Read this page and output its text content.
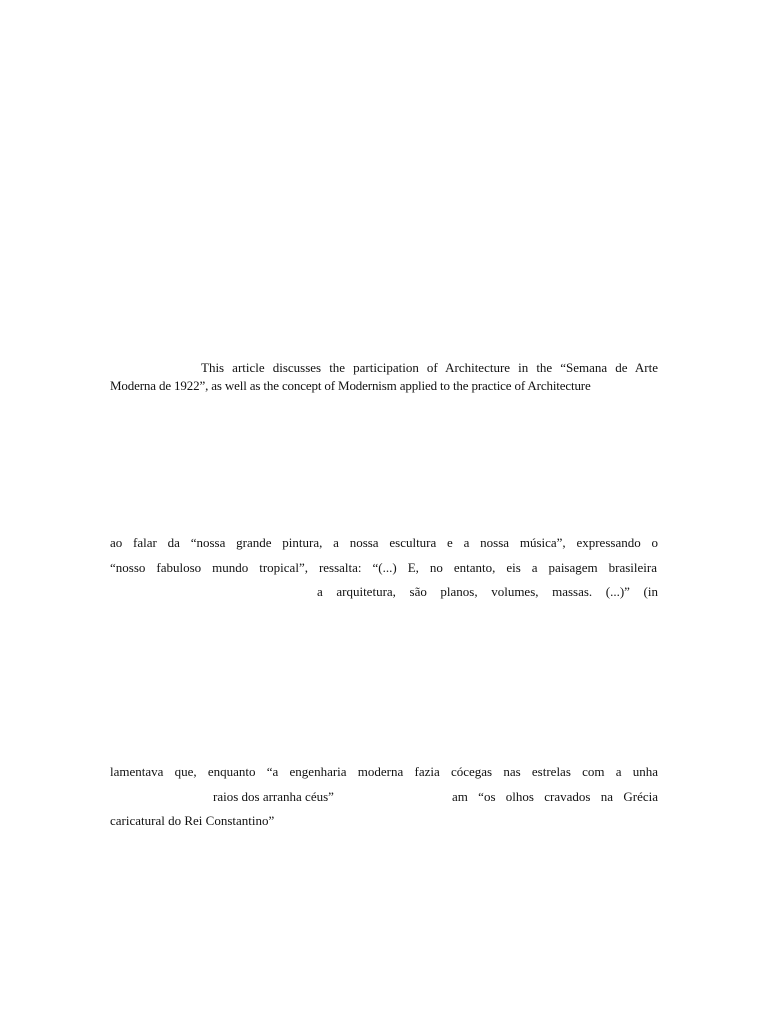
This article discusses the participation of Architecture in the “Semana de Arte
Moderna de 1922”, as well as the concept of Modernism applied to the practice of Architecture
ao falar da “nossa grande pintura, a nossa escultura e a nossa música”, expressando o
“nosso fabuloso mundo tropical”, ressalta: “(...) E, no entanto, eis a paisagem brasileira
a arquitetura, são planos, volumes, massas. (...)” (in
lamentava que, enquanto “a engenharia moderna fazia cócegas nas estrelas com a unha
raios dos arranha céus”	am “os olhos cravados na Grécia
caricatural do Rei Constantino”
